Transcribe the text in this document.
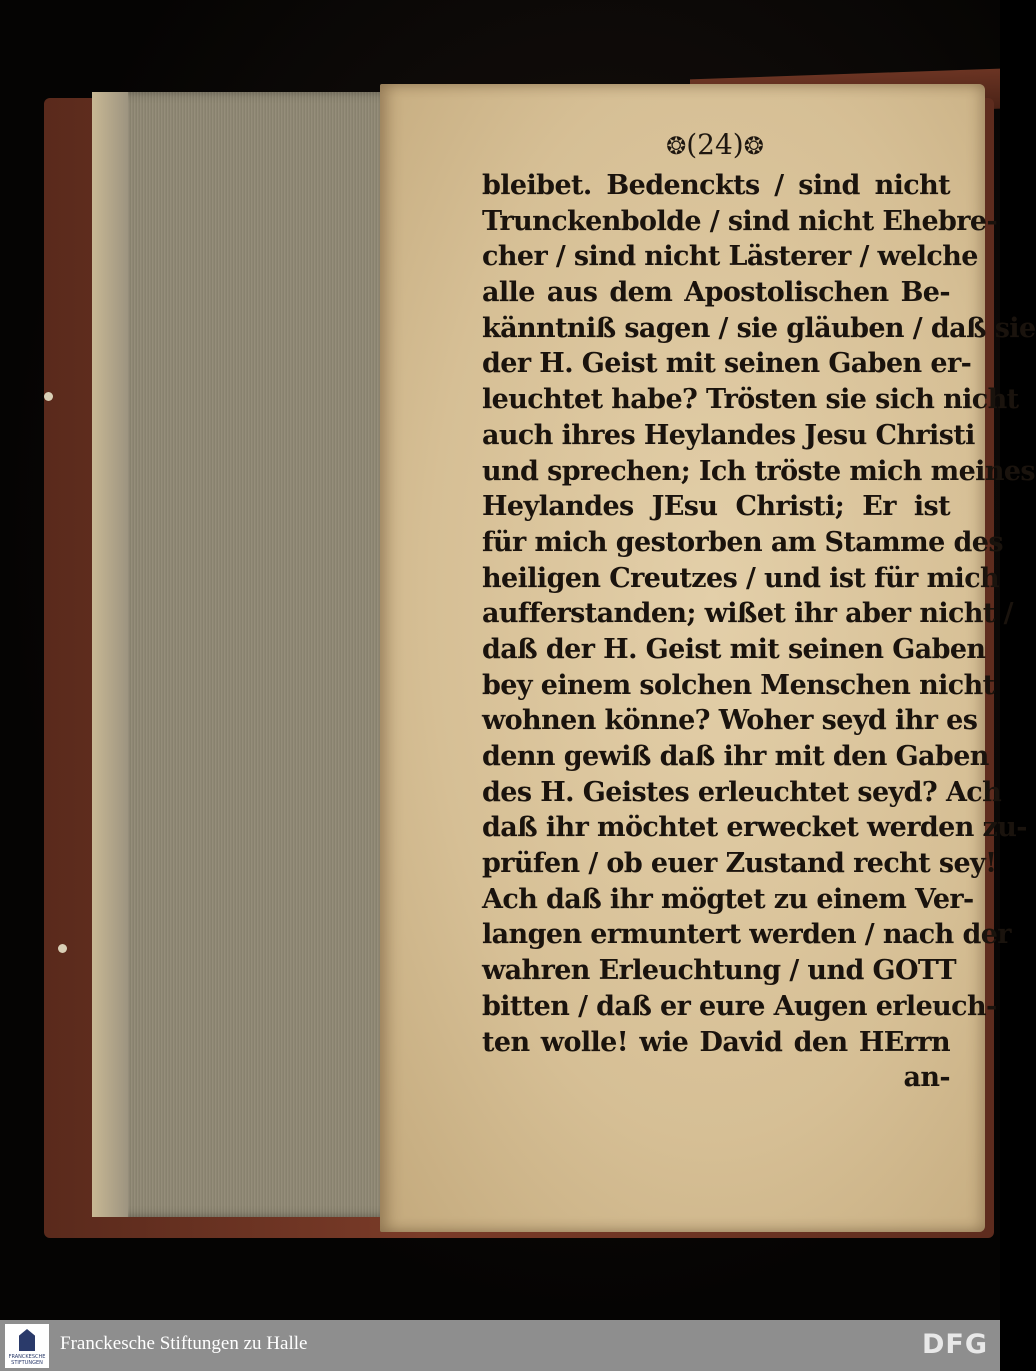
❂(24)❂
bleibet. Bedenckts / sind nicht
Trunckenbolde / sind nicht Ehebre-
cher / sind nicht Lästerer / welche
alle aus dem Apostolischen Be-
känntniß sagen / sie gläuben / daß sie
der H. Geist mit seinen Gaben er-
leuchtet habe? Trösten sie sich nicht
auch ihres Heylandes Jesu Christi
und sprechen; Ich tröste mich meines
Heylandes JEsu Christi; Er ist
für mich gestorben am Stamme des
heiligen Creutzes / und ist für mich
aufferstanden; wißet ihr aber nicht /
daß der H. Geist mit seinen Gaben
bey einem solchen Menschen nicht
wohnen könne? Woher seyd ihr es
denn gewiß daß ihr mit den Gaben
des H. Geistes erleuchtet seyd? Ach
daß ihr möchtet erwecket werden zu-
prüfen / ob euer Zustand recht sey!
Ach daß ihr mögtet zu einem Ver-
langen ermuntert werden / nach der
wahren Erleuchtung / und GOTT
bitten / daß er eure Augen erleuch-
ten wolle! wie David den HErrn
an-
FRANCKESCHE
STIFTUNGEN
Franckesche Stiftungen zu Halle	DFG
